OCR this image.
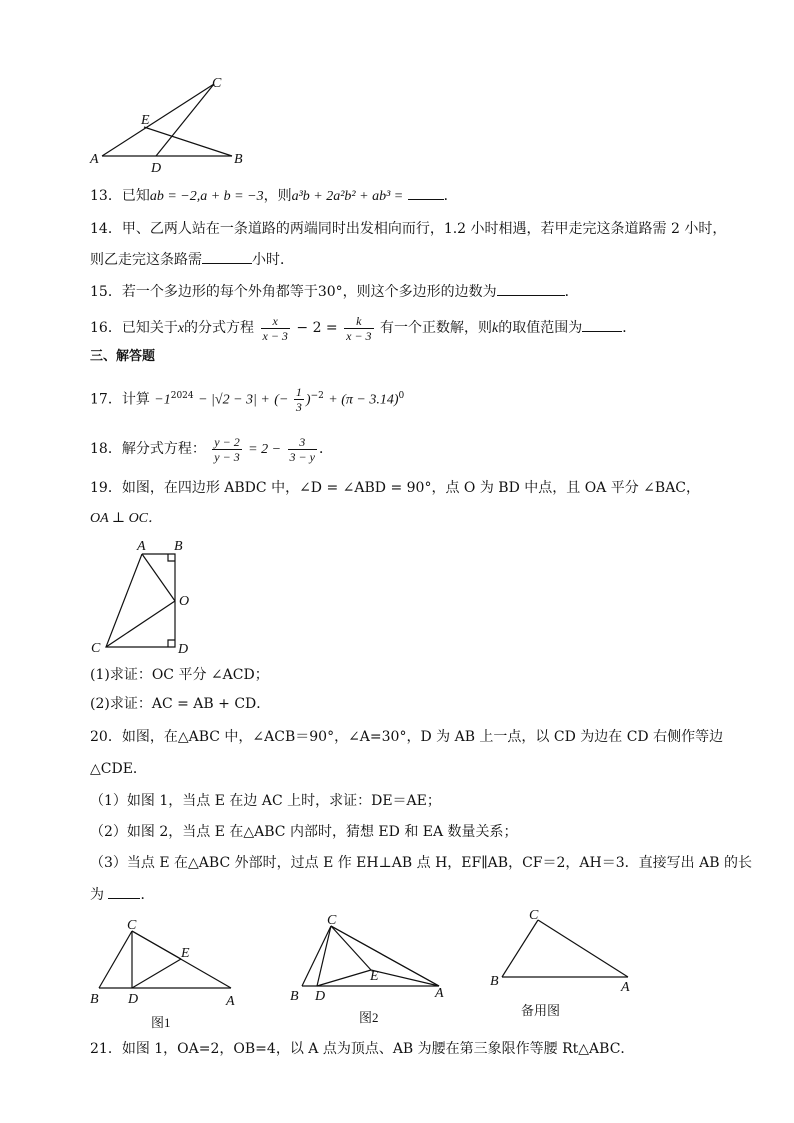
C
E
A
D
B
13．已知ab = −2,a + b = −3，则a³b + 2a²b² + ab³ =	．
14．甲、乙两人站在一条道路的两端同时出发相向而行，1.2 小时相遇，若甲走完这条道路需 2 小时，
则乙走完这条路需	小时．
15．若一个多边形的每个外角都等于30°，则这个多边形的边数为	．
16．已知关于x的分式方程 $\frac{x}{x - 3} - 2 = \frac{k}{x - 3}$ 有一个正数解，则k的取值范围为	．
三、解答题
17．计算 $-1^{2024} - |√2 - 3|$ + (− $\frac{1}{3} )^{-2} + (\pi - 3.14)^0$
18．解分式方程： $\frac{y - 2}{y - 3} = 2 - \frac{3}{3 - y}$ ．
19．如图，在四边形 ABDC 中，∠D = ∠ABD = 90°，点 O 为 BD 中点，且 OA 平分 ∠BAC，
OA ⊥ OC．
A B
O
C	D
(1)求证：OC 平分 ∠ACD；
(2)求证：AC = AB + CD．
20．如图，在△ABC 中，∠ACB＝90°，∠A=30°，D 为 AB 上一点，以 CD 为边在 CD 右侧作等边
△CDE．
（1）如图 1，当点 E 在边 AC 上时，求证：DE＝AE；
（2）如图 2，当点 E 在△ABC 内部时，猜想 ED 和 EA 数量关系；
（3）当点 E 在△ABC 外部时，过点 E 作 EH⊥AB 点 H，EF∥AB，CF＝2，AH＝3．直接写出 AB 的长
为	．
C
E
B D	A
图1
C
E
B D	A
图2
C
B	A
备用图
21．如图 1，OA=2，OB=4，以 A 点为顶点、AB 为腰在第三象限作等腰 Rt△ABC．
